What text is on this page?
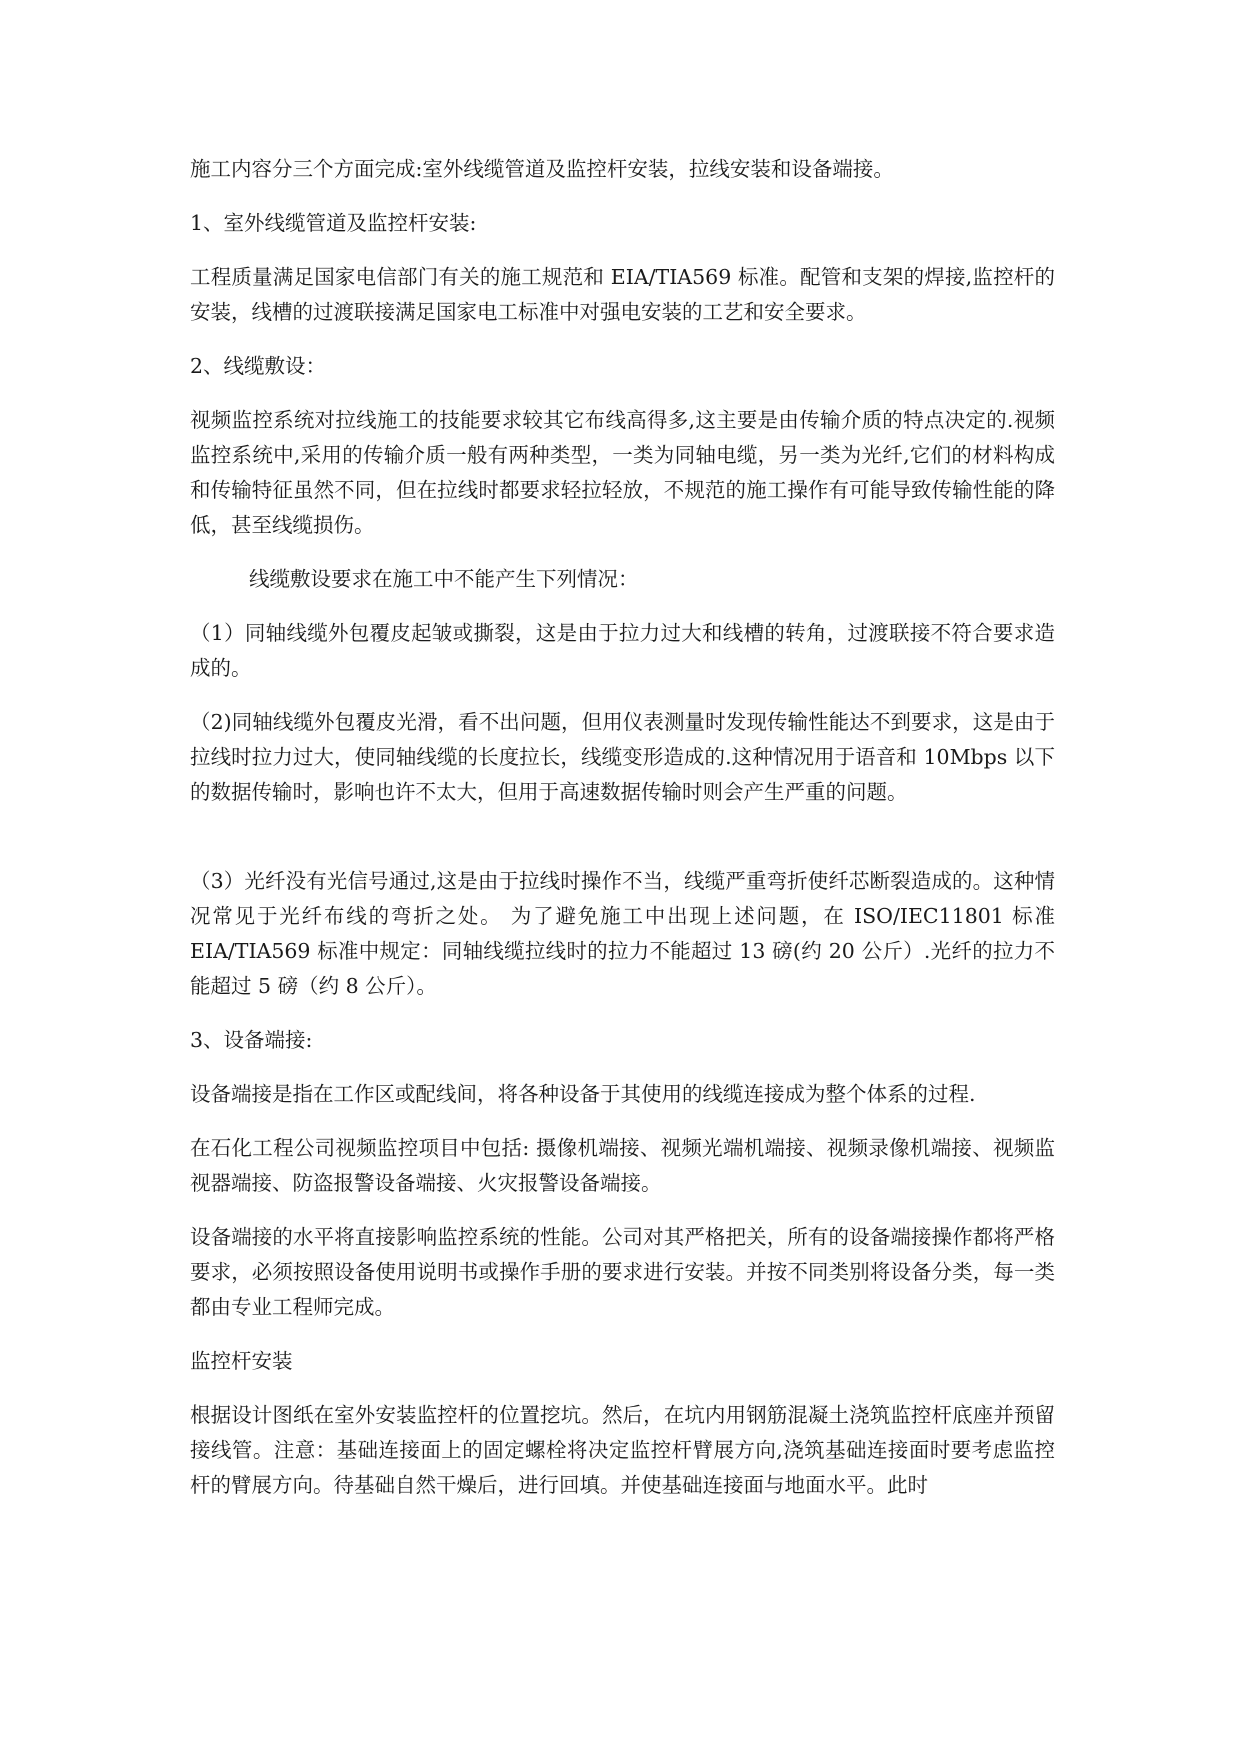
施工内容分三个方面完成:室外线缆管道及监控杆安装，拉线安装和设备端接。

1、室外线缆管道及监控杆安装:

工程质量满足国家电信部门有关的施工规范和 EIA/TIA569 标准。配管和支架的焊接,监控杆的安装，线槽的过渡联接满足国家电工标准中对强电安装的工艺和安全要求。

2、线缆敷设：

视频监控系统对拉线施工的技能要求较其它布线高得多,这主要是由传输介质的特点决定的.视频监控系统中,采用的传输介质一般有两种类型，一类为同轴电缆，另一类为光纤,它们的材料构成和传输特征虽然不同，但在拉线时都要求轻拉轻放，不规范的施工操作有可能导致传输性能的降低，甚至线缆损伤。

线缆敷设要求在施工中不能产生下列情况：

（1）同轴线缆外包覆皮起皱或撕裂，这是由于拉力过大和线槽的转角，过渡联接不符合要求造成的。

（2)同轴线缆外包覆皮光滑，看不出问题，但用仪表测量时发现传输性能达不到要求，这是由于拉线时拉力过大，使同轴线缆的长度拉长，线缆变形造成的.这种情况用于语音和 10Mbps 以下的数据传输时，影响也许不太大，但用于高速数据传输时则会产生严重的问题。

（3）光纤没有光信号通过,这是由于拉线时操作不当，线缆严重弯折使纤芯断裂造成的。这种情况常见于光纤布线的弯折之处。 为了避免施工中出现上述问题，在 ISO/IEC11801 标准 EIA/TIA569 标准中规定：同轴线缆拉线时的拉力不能超过 13 磅(约 20 公斤）.光纤的拉力不能超过 5 磅（约 8 公斤）。

3、设备端接:

设备端接是指在工作区或配线间，将各种设备于其使用的线缆连接成为整个体系的过程.

在石化工程公司视频监控项目中包括: 摄像机端接、视频光端机端接、视频录像机端接、视频监视器端接、防盗报警设备端接、火灾报警设备端接。

设备端接的水平将直接影响监控系统的性能。公司对其严格把关，所有的设备端接操作都将严格要求，必须按照设备使用说明书或操作手册的要求进行安装。并按不同类别将设备分类，每一类都由专业工程师完成。

监控杆安装

根据设计图纸在室外安装监控杆的位置挖坑。然后，在坑内用钢筋混凝土浇筑监控杆底座并预留接线管。注意：基础连接面上的固定螺栓将决定监控杆臂展方向,浇筑基础连接面时要考虑监控杆的臂展方向。待基础自然干燥后，进行回填。并使基础连接面与地面水平。此时
